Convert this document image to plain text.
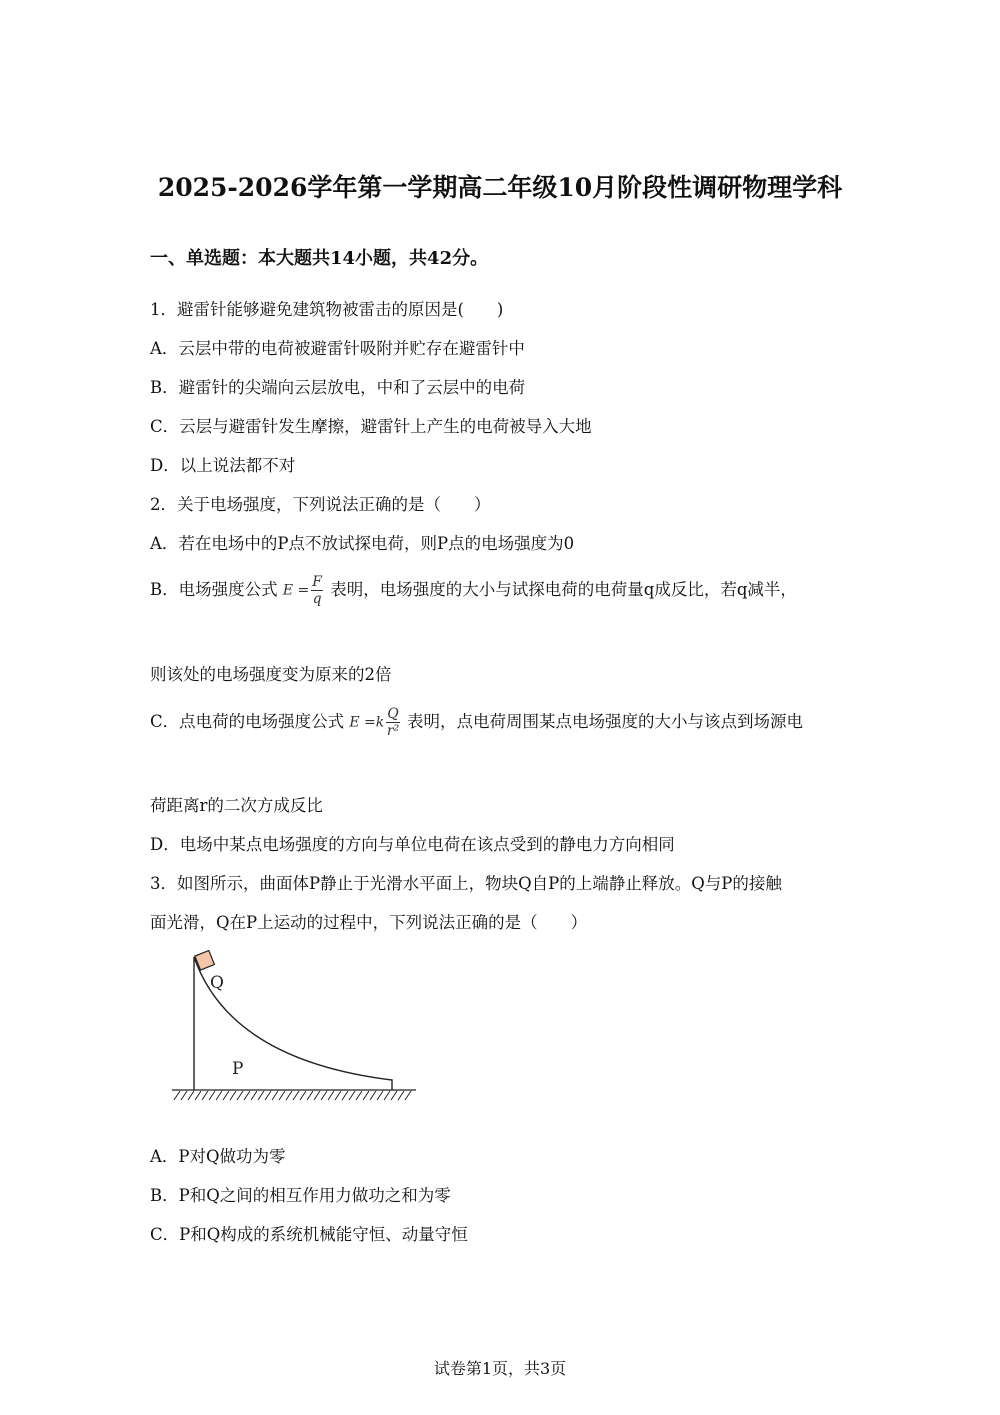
2025-2026学年第一学期高二年级10月阶段性调研物理学科
一、单选题：本大题共14小题，共42分。
1．避雷针能够避免建筑物被雷击的原因是(　　)
A．云层中带的电荷被避雷针吸附并贮存在避雷针中
B．避雷针的尖端向云层放电，中和了云层中的电荷
C．云层与避雷针发生摩擦，避雷针上产生的电荷被导入大地
D．以上说法都不对
2．关于电场强度，下列说法正确的是（　　）
A．若在电场中的P点不放试探电荷，则P点的电场强度为0
B．电场强度公式 $E = \frac{F}{q}$ 表明，电场强度的大小与试探电荷的电荷量q成反比，若q减半，
则该处的电场强度变为原来的2倍
C．点电荷的电场强度公式 $E =k \frac{Q}{\text{r²}}$ 表明，点电荷周围某点电场强度的大小与该点到场源电
荷距离r的二次方成反比
D．电场中某点电场强度的方向与单位电荷在该点受到的静电力方向相同
3．如图所示，曲面体P静止于光滑水平面上，物块Q自P的上端静止释放。Q与P的接触
面光滑，Q在P上运动的过程中，下列说法正确的是（　　）
Q
P
A．P对Q做功为零
B．P和Q之间的相互作用力做功之和为零
C．P和Q构成的系统机械能守恒、动量守恒
试卷第1页，共3页
